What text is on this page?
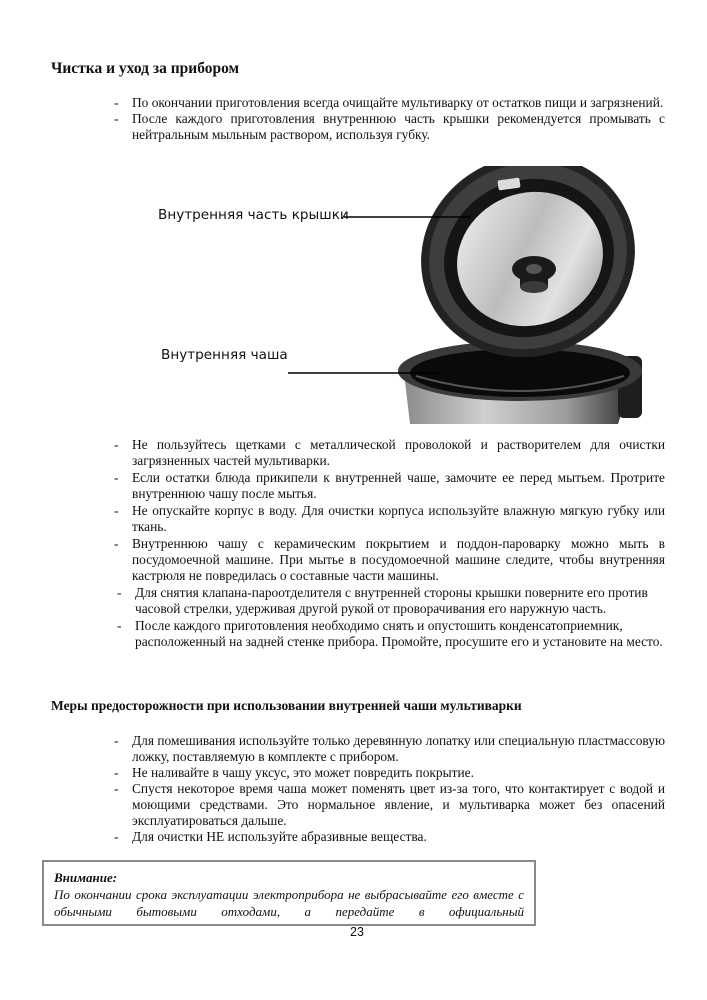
Чистка и уход за прибором
- По окончании приготовления всегда очищайте мультиварку от остатков пищи и загрязнений.
- После каждого приготовления внутреннюю часть крышки рекомендуется промывать с нейтральным мыльным раствором, используя губку.
Внутренняя часть крышки
Внутренняя чаша
- Не пользуйтесь щетками с металлической проволокой и растворителем для очистки загрязненных частей мультиварки.
- Если остатки блюда прикипели к внутренней чаше, замочите ее перед мытьем. Протрите внутреннюю чашу после мытья.
- Не опускайте корпус в воду. Для очистки корпуса используйте влажную мягкую губку или ткань.
- Внутреннюю чашу с керамическим покрытием и поддон-пароварку можно мыть в посудомоечной машине. При мытье в посудомоечной машине следите, чтобы внутренняя кастрюля не повредилась о составные части машины.
- Для снятия клапана-пароотделителя с внутренней стороны крышки поверните его против часовой стрелки, удерживая другой рукой от проворачивания его наружную часть.
- После каждого приготовления необходимо снять и опустошить конденсатоприемник, расположенный на задней стенке прибора. Промойте, просушите его и установите на место.
Меры предосторожности при использовании внутренней чаши мультиварки
- Для помешивания используйте только деревянную лопатку или специальную пластмассовую ложку, поставляемую в комплекте с прибором.
- Не наливайте в чашу уксус, это может повредить покрытие.
- Спустя некоторое время чаша может поменять цвет из-за того, что контактирует с водой и моющими средствами. Это нормальное явление, и мультиварка может без опасений эксплуатироваться дальше.
- Для очистки НЕ используйте абразивные вещества.
Внимание:
По окончании срока эксплуатации электроприбора не выбрасывайте его вместе с обычными бытовыми отходами, а передайте в официальный
23
